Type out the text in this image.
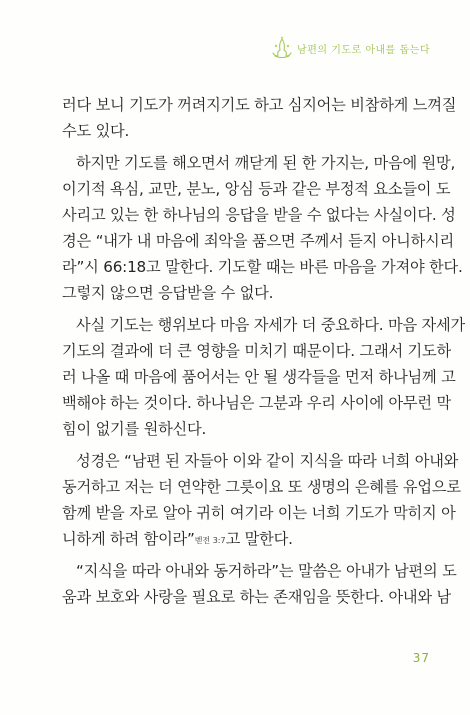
남편의 기도로 아내를 돕는다
러다 보니 기도가 꺼려지기도 하고 심지어는 비참하게 느껴질
수도 있다.
하지만 기도를 해오면서 깨닫게 된 한 가지는, 마음에 원망,
이기적 욕심, 교만, 분노, 앙심 등과 같은 부정적 요소들이 도
사리고 있는 한 하나님의 응답을 받을 수 없다는 사실이다. 성
경은 “내가 내 마음에 죄악을 품으면 주께서 듣지 아니하시리
라”시 66:18고 말한다. 기도할 때는 바른 마음을 가져야 한다.
그렇지 않으면 응답받을 수 없다.
사실 기도는 행위보다 마음 자세가 더 중요하다. 마음 자세가
기도의 결과에 더 큰 영향을 미치기 때문이다. 그래서 기도하
러 나올 때 마음에 품어서는 안 될 생각들을 먼저 하나님께 고
백해야 하는 것이다. 하나님은 그분과 우리 사이에 아무런 막
힘이 없기를 원하신다.
성경은 “남편 된 자들아 이와 같이 지식을 따라 너희 아내와
동거하고 저는 더 연약한 그릇이요 또 생명의 은혜를 유업으로
함께 받을 자로 알아 귀히 여기라 이는 너희 기도가 막히지 아
니하게 하려 함이라”벧전 3:7고 말한다.
“지식을 따라 아내와 동거하라”는 말씀은 아내가 남편의 도
움과 보호와 사랑을 필요로 하는 존재임을 뜻한다. 아내와 남
37
